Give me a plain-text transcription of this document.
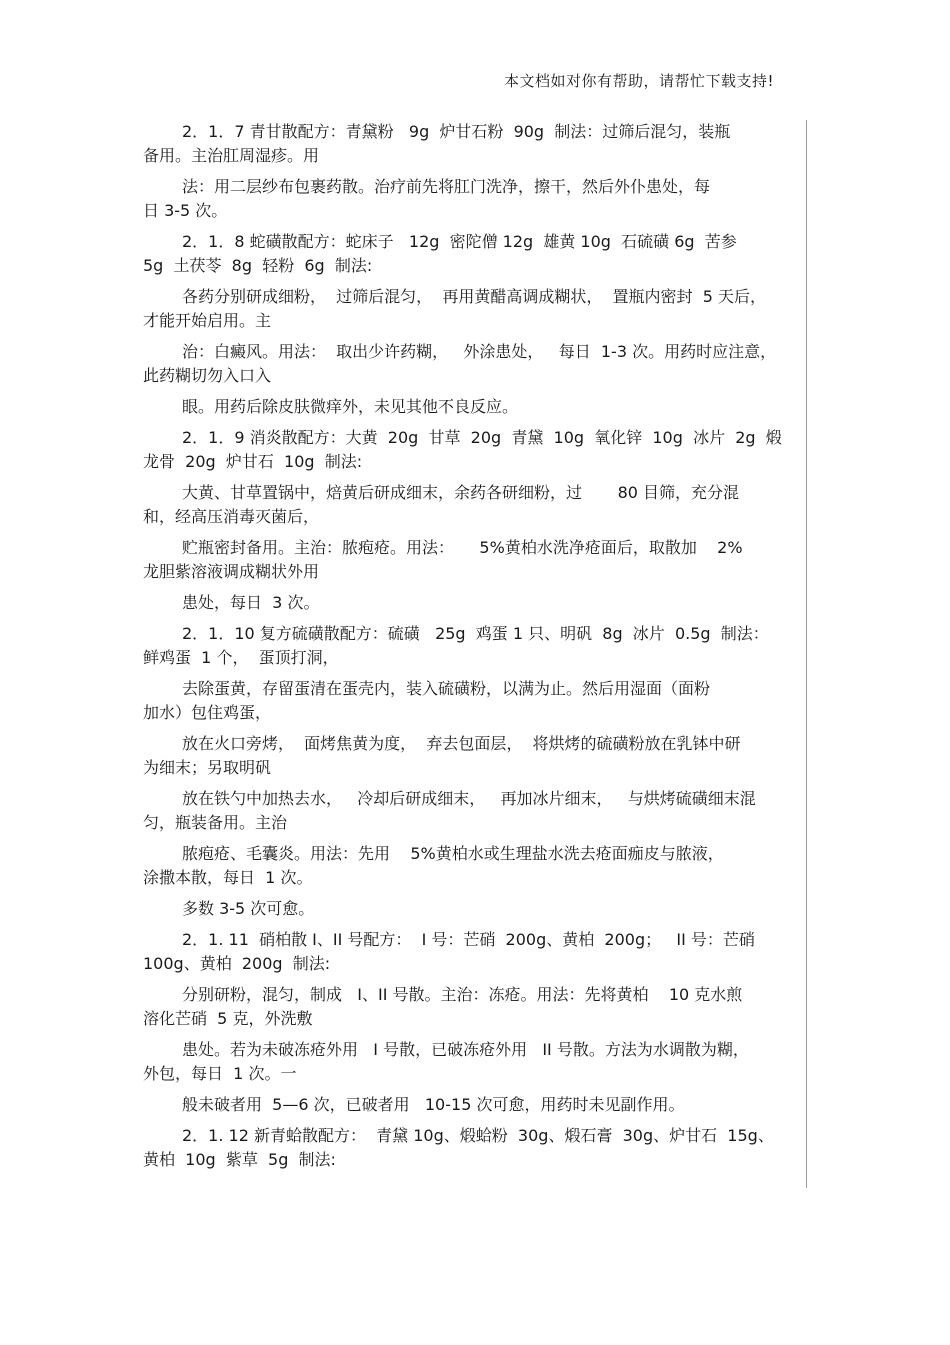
本文档如对你有帮助，请帮忙下载支持!

2．1．7 青甘散配方：青黛粉   9g  炉甘石粉  90g  制法：过筛后混匀，装瓶
备用。主治肛周湿疹。用

法：用二层纱布包裹药散。治疗前先将肛门洗净，擦干，然后外仆患处，每
日 3-5 次。

2．1．8 蛇磺散配方：蛇床子   12g  密陀僧 12g  雄黄 10g  石硫磺 6g  苦参
5g  土茯苓  8g  轻粉  6g  制法:

各药分别研成细粉，  过筛后混匀，  再用黄醋高调成糊状，  置瓶内密封  5 天后，
才能开始启用。主

治：白癜风。用法：  取出少许药糊，   外涂患处，   每日  1-3 次。用药时应注意，
此药糊切勿入口入

眼。用药后除皮肤微痒外，未见其他不良反应。

2．1．9 消炎散配方：大黄  20g  甘草  20g  青黛  10g  氧化锌  10g  冰片  2g  煅
龙骨  20g  炉甘石  10g  制法:

大黄、甘草置锅中，焙黄后研成细末，余药各研细粉，过       80 目筛，充分混
和，经高压消毒灭菌后，

贮瓶密封备用。主治：脓疱疮。用法：     5%黄柏水洗净疮面后，取散加    2%
龙胆紫溶液调成糊状外用

患处，每日  3 次。

2．1．10 复方硫磺散配方：硫磺   25g  鸡蛋 1 只、明矾  8g  冰片  0.5g  制法：
鲜鸡蛋  1 个，  蛋顶打洞，

去除蛋黄，存留蛋清在蛋壳内，装入硫磺粉，以满为止。然后用湿面（面粉
加水）包住鸡蛋，

放在火口旁烤，  面烤焦黄为度，  弃去包面层，  将烘烤的硫磺粉放在乳钵中研
为细末；另取明矾

放在铁勺中加热去水，   冷却后研成细末，   再加冰片细末，   与烘烤硫磺细末混
匀，瓶装备用。主治

脓疱疮、毛囊炎。用法：先用    5%黄柏水或生理盐水洗去疮面痂皮与脓液，
涂撒本散，每日  1 次。

多数 3-5 次可愈。

2．1. 11  硝柏散 I、II 号配方：  I 号：芒硝  200g、黄柏  200g；   II 号：芒硝
100g、黄柏  200g  制法:

分别研粉，混匀，制成   I、II 号散。主治：冻疮。用法：先将黄柏    10 克水煎
溶化芒硝  5 克，外洗敷

患处。若为未破冻疮外用   I 号散，已破冻疮外用   II 号散。方法为水调散为糊，
外包，每日  1 次。一

般未破者用  5—6 次，已破者用   10-15 次可愈，用药时未见副作用。

2．1. 12 新青蛤散配方：  青黛 10g、煅蛤粉  30g、煅石膏  30g、炉甘石  15g、
黄柏  10g  紫草  5g  制法:
